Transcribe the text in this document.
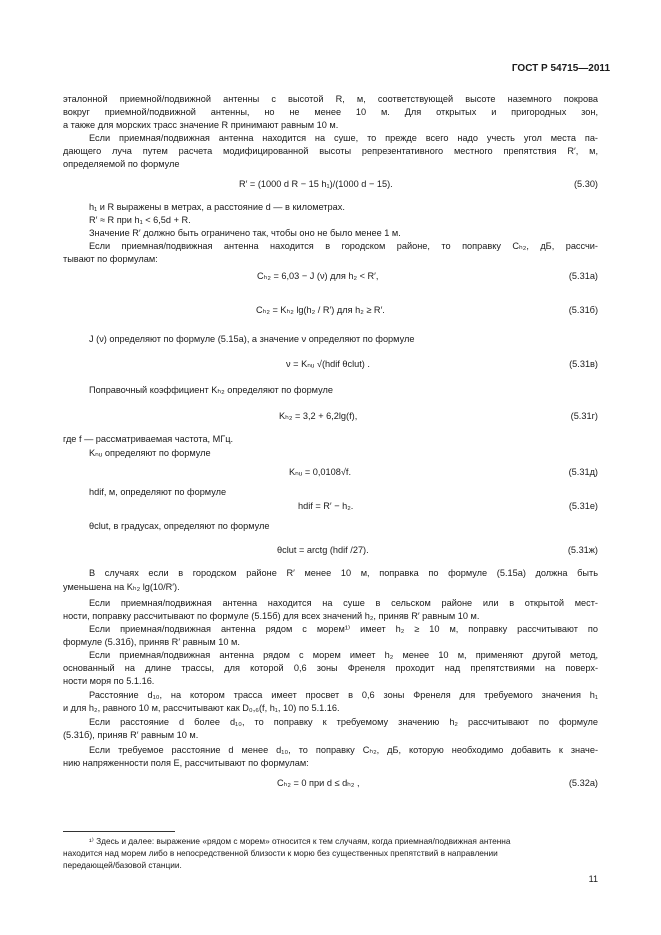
ГОСТ Р 54715—2011
эталонной приемной/подвижной антенны с высотой R, м, соответствующей высоте наземного покрова
вокруг приемной/подвижной антенны, но не менее 10 м. Для открытых и пригородных зон,
а также для морских трасс значение R принимают равным 10 м.
Если приемная/подвижная антенна находится на суше, то прежде всего надо учесть угол места па-
дающего луча путем расчета модифицированной высоты репрезентативного местного препятствия R′, м,
определяемой по формуле
R′ = (1000 d R − 15 h₁)/(1000 d − 15).	(5.30)
h₁ и R выражены в метрах, а расстояние d — в километрах.
R′ ≈ R при h₁ < 6,5d + R.
Значение R′ должно быть ограничено так, чтобы оно не было менее 1 м.
Если приемная/подвижная антенна находится в городском районе, то поправку Cₕ₂, дБ, рассчи-
тывают по формулам:
Cₕ₂ = 6,03 − J (ν) для h₂ < R′,	(5.31а)
Cₕ₂ = Kₕ₂ lg(h₂ / R′) для h₂ ≥ R′.	(5.31б)
J (ν) определяют по формуле (5.15а), а значение ν определяют по формуле
ν = Kₙᵤ √(hdif θclut) .	(5.31в)
Поправочный коэффициент Kₕ₂ определяют по формуле
Kₕ₂ = 3,2 + 6,2lg(f),	(5.31г)
где f — рассматриваемая частота, МГц.
Kₙᵤ определяют по формуле
Kₙᵤ = 0,0108√f.	(5.31д)
hdif, м, определяют по формуле
hdif = R′ − h₂.	(5.31е)
θclut, в градусах, определяют по формуле
θclut = arctg (hdif /27).	(5.31ж)
В случаях если в городском районе R′ менее 10 м, поправка по формуле (5.15а) должна быть
уменьшена на Kₕ₂ lg(10/R′).
Если приемная/подвижная антенна находится на суше в сельском районе или в открытой мест-
ности, поправку рассчитывают по формуле (5.15б) для всех значений h₂, приняв R′ равным 10 м.
Если приемная/подвижная антенна рядом с морем¹⁾ имеет h₂ ≥ 10 м, поправку рассчитывают по
формуле (5.31б), приняв R′ равным 10 м.
Если приемная/подвижная антенна рядом с морем имеет h₂ менее 10 м, применяют другой метод,
основанный на длине трассы, для которой 0,6 зоны Френеля проходит над препятствиями на поверх-
ности моря по 5.1.16.
Расстояние d₁₀, на котором трасса имеет просвет в 0,6 зоны Френеля для требуемого значения h₁
и для h₂, равного 10 м, рассчитывают как D₀,₆(f, h₁, 10) по 5.1.16.
Если расстояние d более d₁₀, то поправку к требуемому значению h₂ рассчитывают по формуле
(5.31б), приняв R′ равным 10 м.
Если требуемое расстояние d менее d₁₀, то поправку Cₕ₂, дБ, которую необходимо добавить к значе-
нию напряженности поля E, рассчитывают по формулам:
Cₕ₂ = 0 при d ≤ dₕ₂ ,	(5.32а)
¹⁾ Здесь и далее: выражение «рядом с морем» относится к тем случаям, когда приемная/подвижная антенна
находится над морем либо в непосредственной близости к морю без существенных препятствий в направлении
передающей/базовой станции.
11
